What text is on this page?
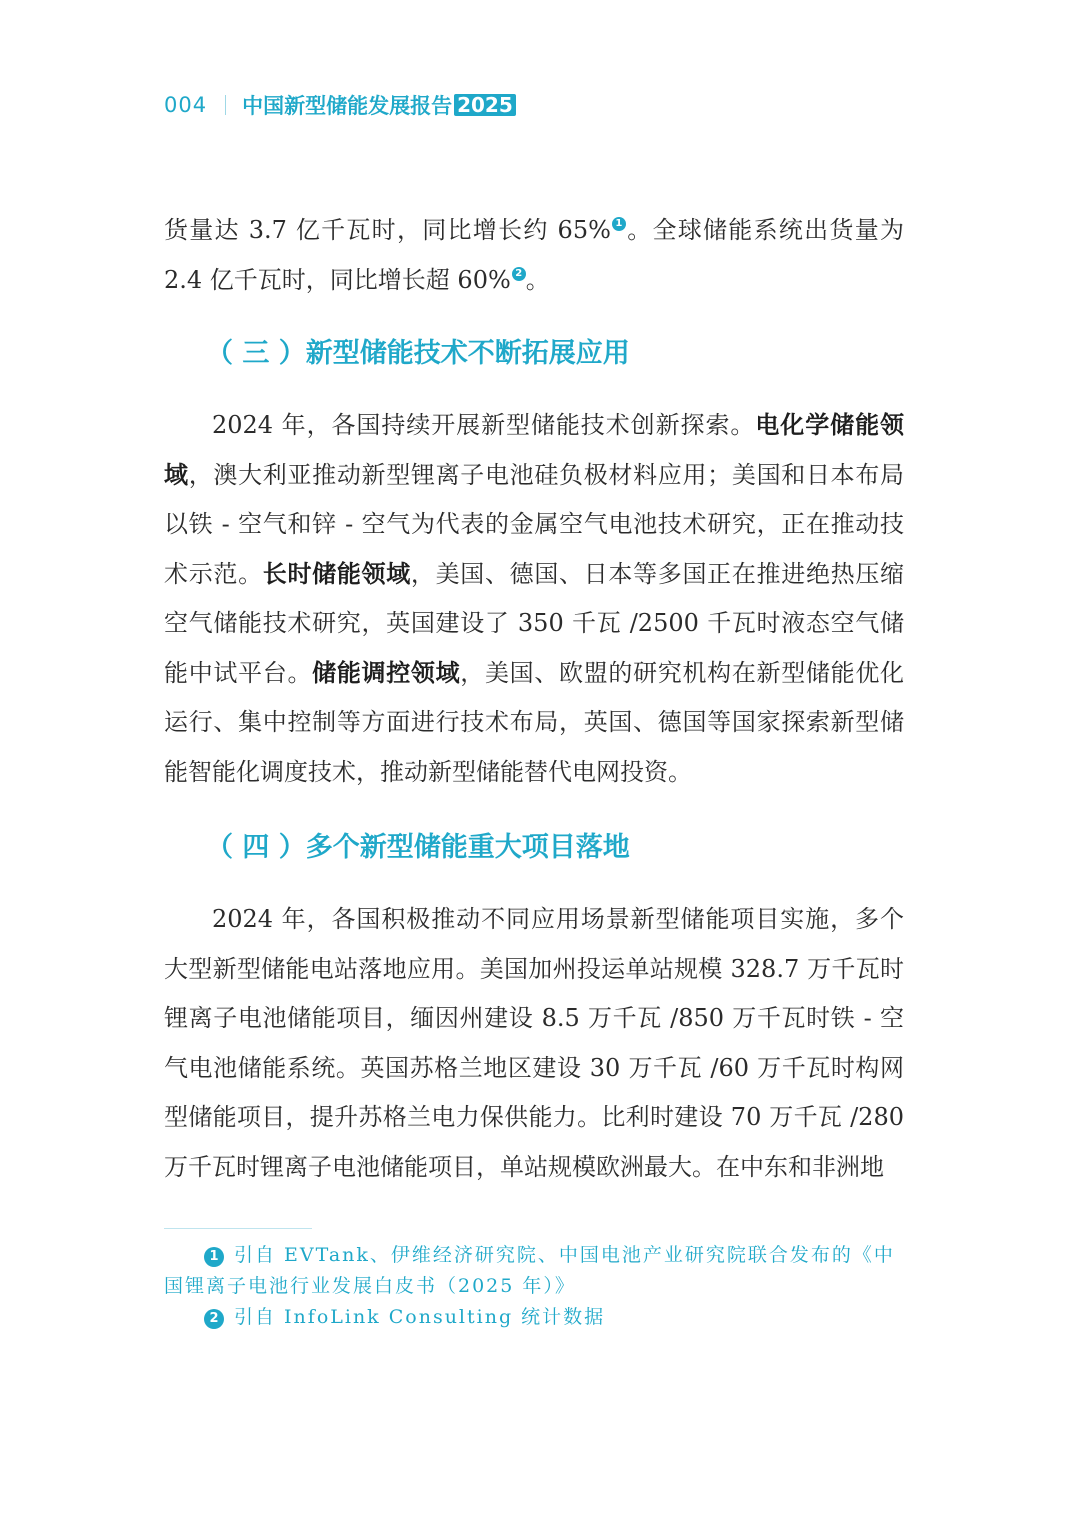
004 中国新型储能发展报告 2025

货量达 3.7 亿千瓦时，同比增长约 65% 1 。全球储能系统出货量为 2.4 亿千瓦时，同比增长超 60% 2 。

（ 三 ）新型储能技术不断拓展应用

2024 年，各国持续开展新型储能技术创新探索。电化学储能领域，澳大利亚推动新型锂离子电池硅负极材料应用；美国和日本布局以铁 - 空气和锌 - 空气为代表的金属空气电池技术研究，正在推动技术示范。长时储能领域，美国、德国、日本等多国正在推进绝热压缩空气储能技术研究，英国建设了 350 千瓦 /2500 千瓦时液态空气储能中试平台。储能调控领域，美国、欧盟的研究机构在新型储能优化运行、集中控制等方面进行技术布局，英国、德国等国家探索新型储能智能化调度技术，推动新型储能替代电网投资。

（ 四 ）多个新型储能重大项目落地

2024 年，各国积极推动不同应用场景新型储能项目实施，多个大型新型储能电站落地应用。美国加州投运单站规模 328.7 万千瓦时锂离子电池储能项目，缅因州建设 8.5 万千瓦 /850 万千瓦时铁 - 空气电池储能系统。英国苏格兰地区建设 30 万千瓦 /60 万千瓦时构网型储能项目，提升苏格兰电力保供能力。比利时建设 70 万千瓦 /280 万千瓦时锂离子电池储能项目，单站规模欧洲最大。在中东和非洲地

1 引自 EVTank、伊维经济研究院、中国电池产业研究院联合发布的《中国锂离子电池行业发展白皮书（2025 年）》

2 引自 InfoLink Consulting 统计数据
